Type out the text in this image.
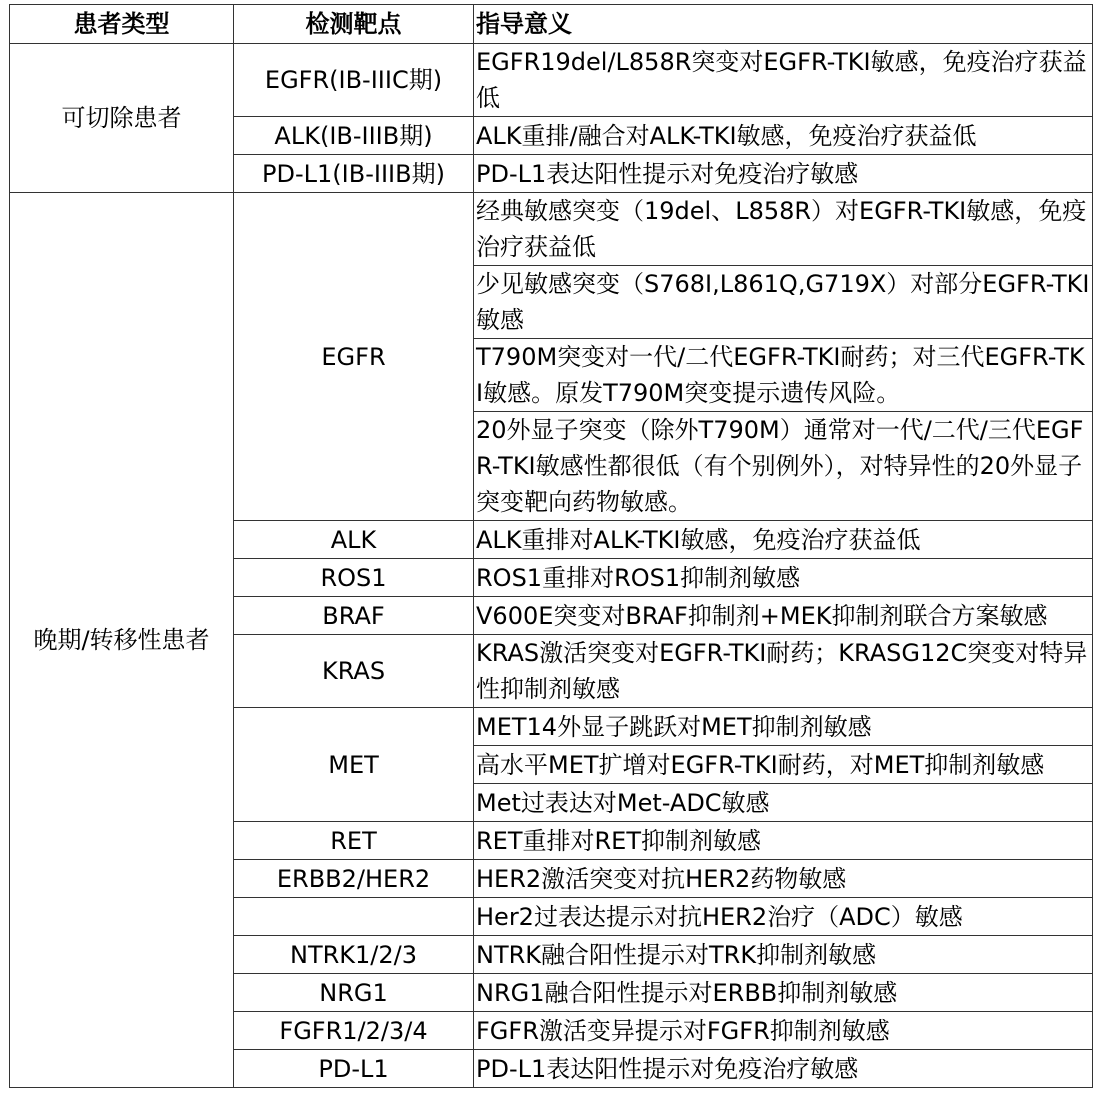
患者类型	检测靶点	指导意义
可切除患者	EGFR(IB-IIIC期)	EGFR19del/L858R突变对EGFR-TKI敏感，免疫治疗获益低
	ALK(IB-IIIB期)	ALK重排/融合对ALK-TKI敏感，免疫治疗获益低
	PD-L1(IB-IIIB期)	PD-L1表达阳性提示对免疫治疗敏感
晚期/转移性患者	EGFR	经典敏感突变（19del、L858R）对EGFR-TKI敏感，免疫治疗获益低
		少见敏感突变（S768I,L861Q,G719X）对部分EGFR-TKI敏感
		T790M突变对一代/二代EGFR-TKI耐药；对三代EGFR-TKI敏感。原发T790M突变提示遗传风险。
		20外显子突变（除外T790M）通常对一代/二代/三代EGFR-TKI敏感性都很低（有个别例外），对特异性的20外显子突变靶向药物敏感。
	ALK	ALK重排对ALK-TKI敏感，免疫治疗获益低
	ROS1	ROS1重排对ROS1抑制剂敏感
	BRAF	V600E突变对BRAF抑制剂+MEK抑制剂联合方案敏感
	KRAS	KRAS激活突变对EGFR-TKI耐药；KRASG12C突变对特异性抑制剂敏感
	MET	MET14外显子跳跃对MET抑制剂敏感
		高水平MET扩增对EGFR-TKI耐药，对MET抑制剂敏感
		Met过表达对Met-ADC敏感
	RET	RET重排对RET抑制剂敏感
	ERBB2/HER2	HER2激活突变对抗HER2药物敏感
		Her2过表达提示对抗HER2治疗（ADC）敏感
	NTRK1/2/3	NTRK融合阳性提示对TRK抑制剂敏感
	NRG1	NRG1融合阳性提示对ERBB抑制剂敏感
	FGFR1/2/3/4	FGFR激活变异提示对FGFR抑制剂敏感
	PD-L1	PD-L1表达阳性提示对免疫治疗敏感
